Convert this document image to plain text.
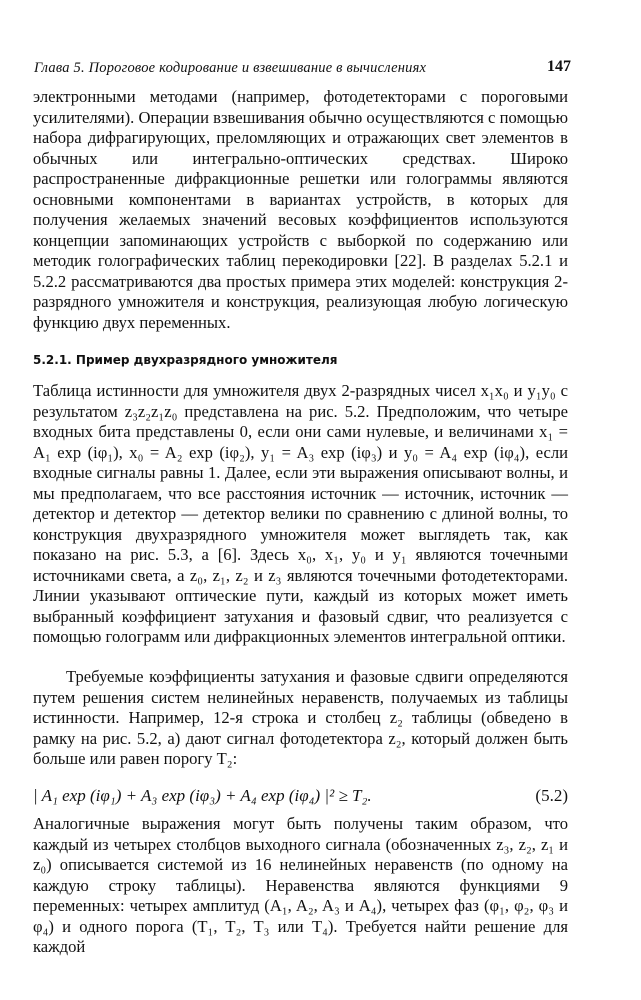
Глава 5. Пороговое кодирование и взвешивание в вычислениях	147

электронными методами (например, фотодетекторами с пороговыми усилителями). Операции взвешивания обычно осуществляются с помощью набора дифрагирующих, преломляющих и отражающих свет элементов в обычных или интегрально-оптических средствах. Широко распространенные дифракционные решетки или голограммы являются основными компонентами в вариантах устройств, в которых для получения желаемых значений весовых коэффициентов используются концепции запоминающих устройств с выборкой по содержанию или методик голографических таблиц перекодировки [22]. В разделах 5.2.1 и 5.2.2 рассматриваются два простых примера этих моделей: конструкция 2-разрядного умножителя и конструкция, реализующая любую логическую функцию двух переменных.

5.2.1. Пример двухразрядного умножителя

Таблица истинности для умножителя двух 2-разрядных чисел x₁x₀ и y₁y₀ с результатом z₃z₂z₁z₀ представлена на рис. 5.2. Предположим, что четыре входных бита представлены 0, если они сами нулевые, и величинами x₁ = A₁ exp (iφ₁), x₀ = A₂ exp (iφ₂), y₁ = A₃ exp (iφ₃) и y₀ = A₄ exp (iφ₄), если входные сигналы равны 1. Далее, если эти выражения описывают волны, и мы предполагаем, что все расстояния источник — источник, источник — детектор и детектор — детектор велики по сравнению с длиной волны, то конструкция двухразрядного умножителя может выглядеть так, как показано на рис. 5.3, а [6]. Здесь x₀, x₁, y₀ и y₁ являются точечными источниками света, а z₀, z₁, z₂ и z₃ являются точечными фотодетекторами. Линии указывают оптические пути, каждый из которых может иметь выбранный коэффициент затухания и фазовый сдвиг, что реализуется с помощью голограмм или дифракционных элементов интегральной оптики.

Требуемые коэффициенты затухания и фазовые сдвиги определяются путем решения систем нелинейных неравенств, получаемых из таблицы истинности. Например, 12-я строка и столбец z₂ таблицы (обведено в рамку на рис. 5.2, а) дают сигнал фотодетектора z₂, который должен быть больше или равен порогу T₂:

| A₁ exp (iφ₁) + A₃ exp (iφ₃) + A₄ exp (iφ₄) |² ≥ T₂.	(5.2)

Аналогичные выражения могут быть получены таким образом, что каждый из четырех столбцов выходного сигнала (обозначенных z₃, z₂, z₁ и z₀) описывается системой из 16 нелинейных неравенств (по одному на каждую строку таблицы). Неравенства являются функциями 9 переменных: четырех амплитуд (A₁, A₂, A₃ и A₄), четырех фаз (φ₁, φ₂, φ₃ и φ₄) и одного порога (T₁, T₂, T₃ или T₄). Требуется найти решение для каждой
